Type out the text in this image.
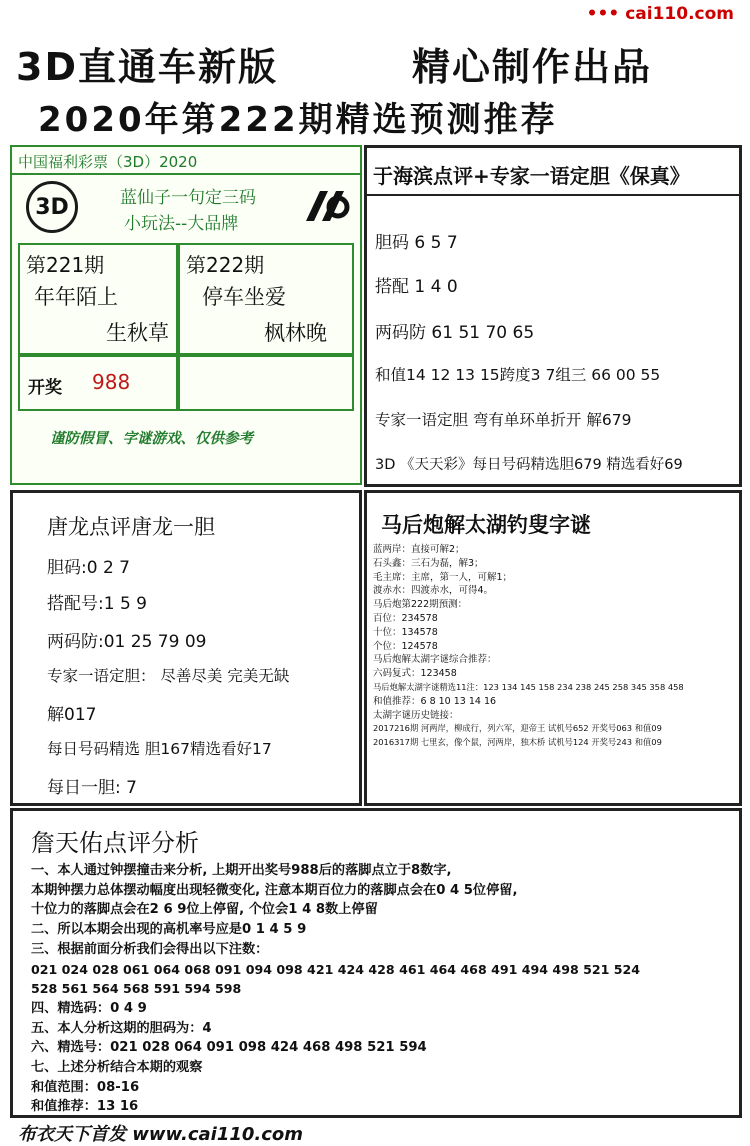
••• cai110.com
3D直通车新版	精心制作出品
2020年第222期精选预测推荐
中国福利彩票（3D）2020
3D	蓝仙子一句定三码
小玩法--大品牌
第221期
年年陌上
生秋草
第222期
停车坐爱
枫林晚
开奖 988
谨防假冒、字谜游戏、仅供参考
于海滨点评+专家一语定胆《保真》
胆码 6 5 7
搭配 1 4 0
两码防 61 51 70 65
和值14 12 13 15跨度3 7组三 66 00 55
专家一语定胆 弯有单环单折开 解679
3D 《天天彩》每日号码精选胆679 精选看好69
唐龙点评唐龙一胆
胆码:0 2 7
搭配号:1 5 9
两码防:01 25 79 09
专家一语定胆： 尽善尽美 完美无缺
解017
每日号码精选 胆167精选看好17
每日一胆: 7
马后炮解太湖钓叟字谜
蓝两岸：直接可解2；
石头鑫：三石为磊，解3；
毛主席：主席，第一人，可解1；
渡赤水：四渡赤水，可得4。
马后炮第222期預测：
百位：234578
十位：134578
个位：124578
马后炮解太湖字谜综合推荐：
六码复式：123458
马后炮解太湖字谜精选11注：123 134 145 158 234 238 245 258 345 358 458
和值推荐：6 8 10 13 14 16
太湖字谜历史链接：
2017216期 河两岸，柳成行，列六军，迎帝王 试机号652 开奖号063 和值09
2016317期 七里玄，像个鼠，河两岸，独木桥 试机号124 开奖号243 和值09
詹天佑点评分析
一、本人通过钟摆撞击来分析, 上期开出奖号988后的落脚点立于8数字,
本期钟摆力总体摆动幅度出现轻微变化, 注意本期百位力的落脚点会在0 4 5位停留,
十位力的落脚点会在2 6 9位上停留, 个位会1 4 8数上停留
二、所以本期会出现的高机率号应是0 1 4 5 9
三、根据前面分析我们会得出以下注数：
021 024 028 061 064 068 091 094 098 421 424 428 461 464 468 491 494 498 521 524
528 561 564 568 591 594 598
四、精选码：0 4 9
五、本人分析这期的胆码为：4
六、精选号：021 028 064 091 098 424 468 498 521 594
七、上述分析结合本期的观察
和值范围：08-16
和值推荐：13 16
布衣天下首发 www.cai110.com
